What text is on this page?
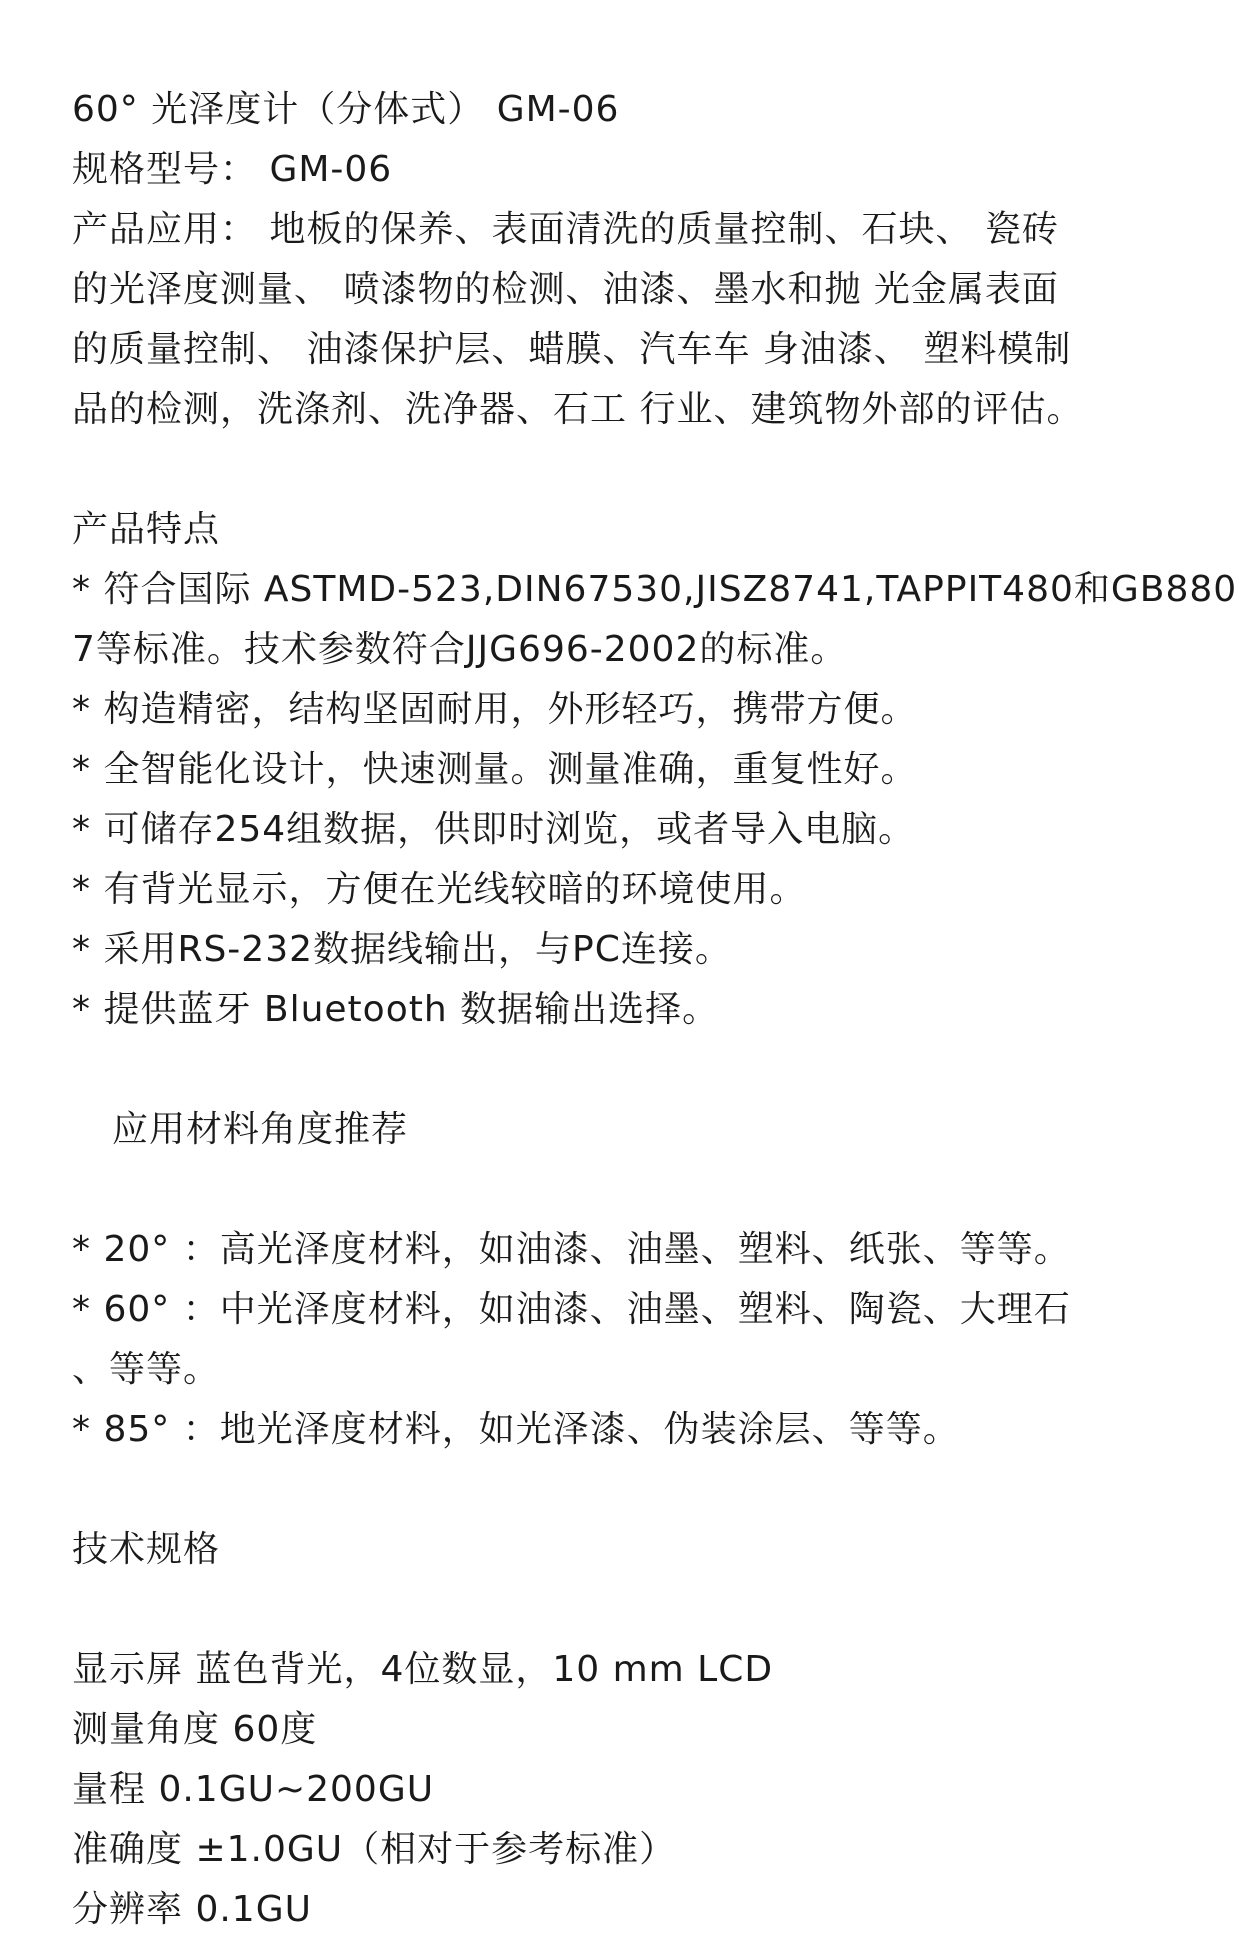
60° 光泽度计（分体式） GM-06
规格型号： GM-06
产品应用： 地板的保养、表面清洗的质量控制、石块、 瓷砖
的光泽度测量、 喷漆物的检测、油漆、墨水和抛 光金属表面
的质量控制、 油漆保护层、蜡膜、汽车车 身油漆、 塑料模制
品的检测，洗涤剂、洗净器、石工 行业、建筑物外部的评估。
产品特点
* 符合国际 ASTMD-523,DIN67530,JISZ8741,TAPPIT480和GB880
7等标准。技术参数符合JJG696-2002的标准。
* 构造精密，结构坚固耐用，外形轻巧，携带方便。
* 全智能化设计，快速测量。测量准确，重复性好。
* 可储存254组数据，供即时浏览，或者导入电脑。
* 有背光显示，方便在光线较暗的环境使用。
* 采用RS-232数据线输出，与PC连接。
* 提供蓝牙 Bluetooth 数据输出选择。
应用材料角度推荐
* 20° ：高光泽度材料，如油漆、油墨、塑料、纸张、等等。
* 60° ：中光泽度材料，如油漆、油墨、塑料、陶瓷、大理石
、等等。
* 85° ：地光泽度材料，如光泽漆、伪装涂层、等等。
技术规格
显示屏 蓝色背光，4位数显，10 mm LCD
测量角度 60度
量程 0.1GU~200GU
准确度 ±1.0GU（相对于参考标准）
分辨率 0.1GU
